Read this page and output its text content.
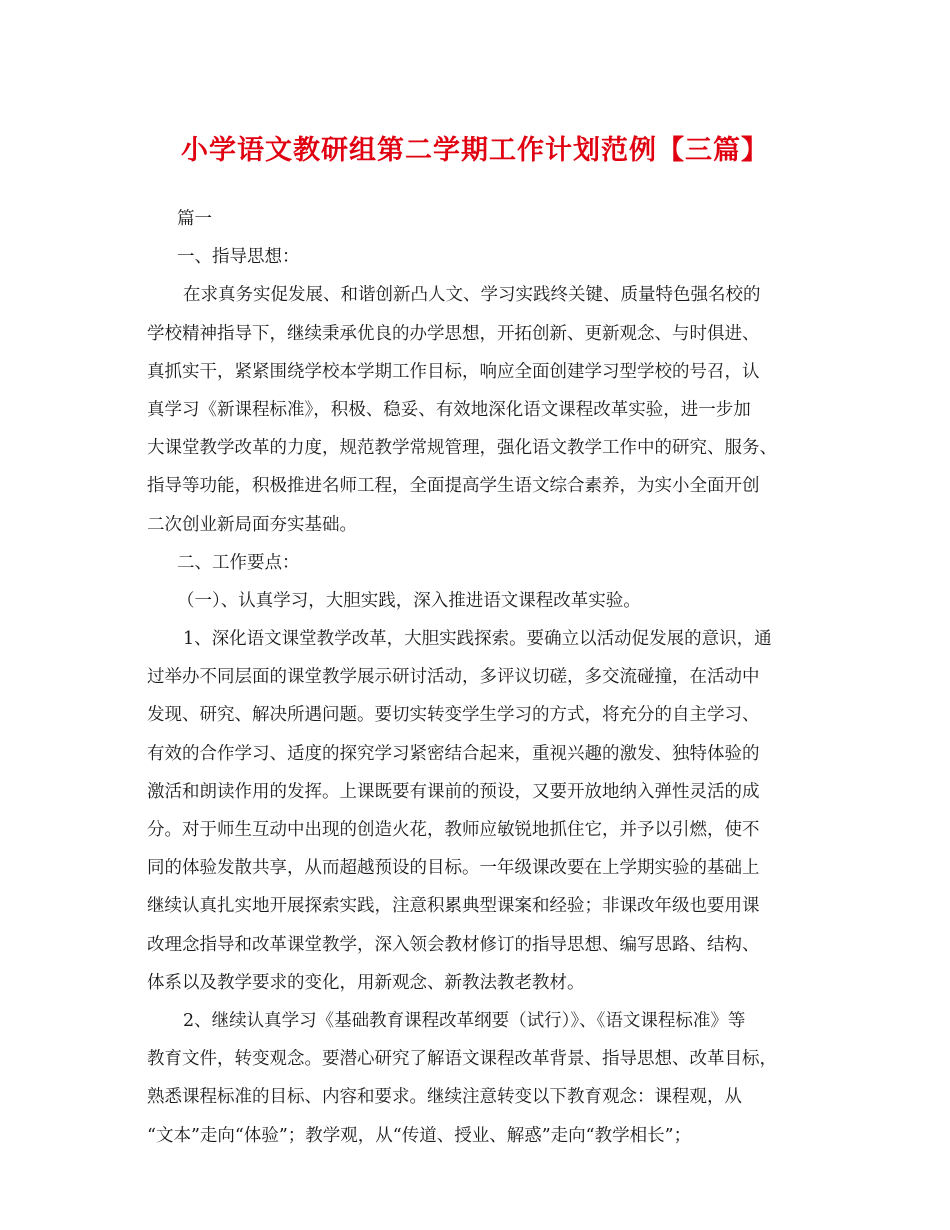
小学语文教研组第二学期工作计划范例【三篇】
篇一
一、指导思想：
在求真务实促发展、和谐创新凸人文、学习实践终关键、质量特色强名校的
学校精神指导下，继续秉承优良的办学思想，开拓创新、更新观念、与时俱进、
真抓实干，紧紧围绕学校本学期工作目标，响应全面创建学习型学校的号召，认
真学习《新课程标准》，积极、稳妥、有效地深化语文课程改革实验，进一步加
大课堂教学改革的力度，规范教学常规管理，强化语文教学工作中的研究、服务、
指导等功能，积极推进名师工程，全面提高学生语文综合素养，为实小全面开创
二次创业新局面夯实基础。
二、工作要点：
（一）、认真学习，大胆实践，深入推进语文课程改革实验。
1、深化语文课堂教学改革，大胆实践探索。要确立以活动促发展的意识，通
过举办不同层面的课堂教学展示研讨活动，多评议切磋，多交流碰撞，在活动中
发现、研究、解决所遇问题。要切实转变学生学习的方式，将充分的自主学习、
有效的合作学习、适度的探究学习紧密结合起来，重视兴趣的激发、独特体验的
激活和朗读作用的发挥。上课既要有课前的预设，又要开放地纳入弹性灵活的成
分。对于师生互动中出现的创造火花，教师应敏锐地抓住它，并予以引燃，使不
同的体验发散共享，从而超越预设的目标。一年级课改要在上学期实验的基础上
继续认真扎实地开展探索实践，注意积累典型课案和经验；非课改年级也要用课
改理念指导和改革课堂教学，深入领会教材修订的指导思想、编写思路、结构、
体系以及教学要求的变化，用新观念、新教法教老教材。
2、继续认真学习《基础教育课程改革纲要（试行）》、《语文课程标准》等
教育文件，转变观念。要潜心研究了解语文课程改革背景、指导思想、改革目标，
熟悉课程标准的目标、内容和要求。继续注意转变以下教育观念：课程观，从
“文本”走向“体验”；教学观，从“传道、授业、解惑”走向“教学相长”；
